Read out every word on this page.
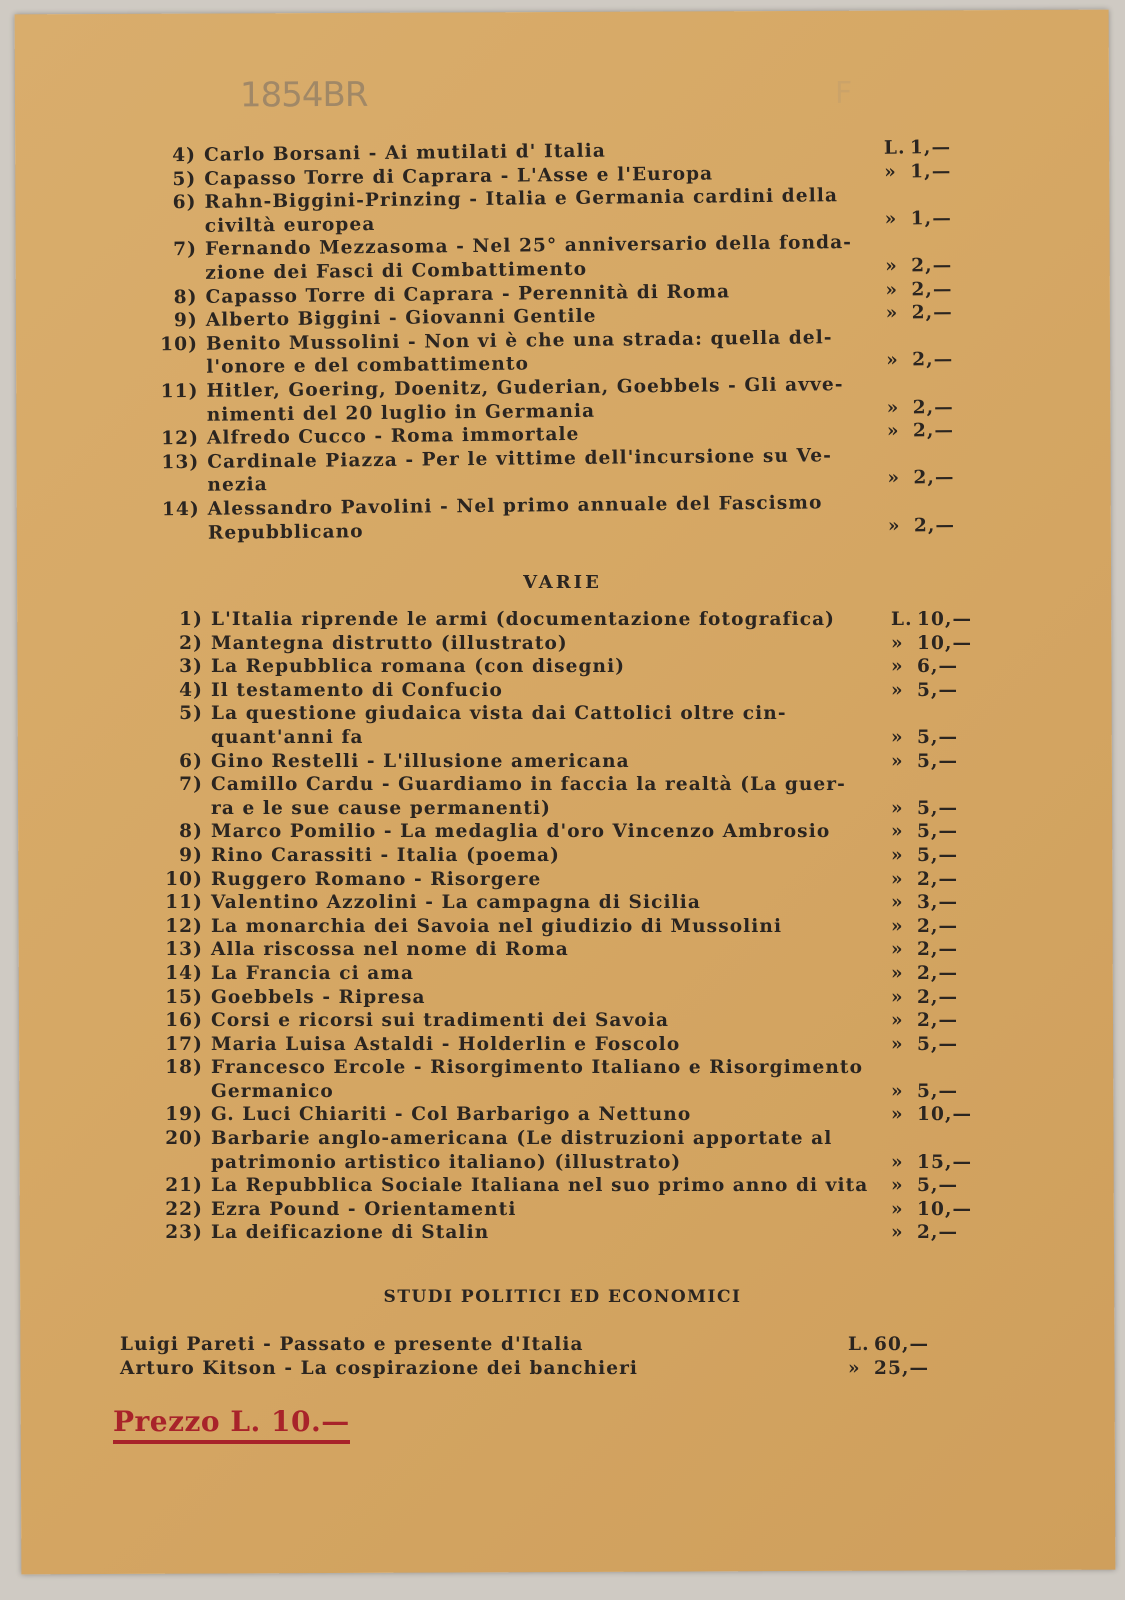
1854BR	F
4) Carlo Borsani - Ai mutilati d' Italia	L. 1,—
5) Capasso Torre di Caprara - L'Asse e l'Europa	» 1,—
6) Rahn-Biggini-Prinzing - Italia e Germania cardini della
civiltà europea	» 1,—
7) Fernando Mezzasoma - Nel 25° anniversario della fonda-
zione dei Fasci di Combattimento	» 2,—
8) Capasso Torre di Caprara - Perennità di Roma	» 2,—
9) Alberto Biggini - Giovanni Gentile	» 2,—
10) Benito Mussolini - Non vi è che una strada: quella del-
l'onore e del combattimento	» 2,—
11) Hitler, Goering, Doenitz, Guderian, Goebbels - Gli avve-
nimenti del 20 luglio in Germania	» 2,—
12) Alfredo Cucco - Roma immortale	» 2,—
13) Cardinale Piazza - Per le vittime dell'incursione su Ve-
nezia	» 2,—
14) Alessandro Pavolini - Nel primo annuale del Fascismo
Repubblicano	» 2,—
VARIE
1) L'Italia riprende le armi (documentazione fotografica)	L. 10,—
2) Mantegna distrutto (illustrato)	» 10,—
3) La Repubblica romana (con disegni)	» 6,—
4) Il testamento di Confucio	» 5,—
5) La questione giudaica vista dai Cattolici oltre cin-
quant'anni fa	» 5,—
6) Gino Restelli - L'illusione americana	» 5,—
7) Camillo Cardu - Guardiamo in faccia la realtà (La guer-
ra e le sue cause permanenti)	» 5,—
8) Marco Pomilio - La medaglia d'oro Vincenzo Ambrosio	» 5,—
9) Rino Carassiti - Italia (poema)	» 5,—
10) Ruggero Romano - Risorgere	» 2,—
11) Valentino Azzolini - La campagna di Sicilia	» 3,—
12) La monarchia dei Savoia nel giudizio di Mussolini	» 2,—
13) Alla riscossa nel nome di Roma	» 2,—
14) La Francia ci ama	» 2,—
15) Goebbels - Ripresa	» 2,—
16) Corsi e ricorsi sui tradimenti dei Savoia	» 2,—
17) Maria Luisa Astaldi - Holderlin e Foscolo	» 5,—
18) Francesco Ercole - Risorgimento Italiano e Risorgimento
Germanico	» 5,—
19) G. Luci Chiariti - Col Barbarigo a Nettuno	» 10,—
20) Barbarie anglo-americana (Le distruzioni apportate al
patrimonio artistico italiano) (illustrato)	» 15,—
21) La Repubblica Sociale Italiana nel suo primo anno di vita » 5,—
22) Ezra Pound - Orientamenti	» 10,—
23) La deificazione di Stalin	» 2,—
STUDI POLITICI ED ECONOMICI
Luigi Pareti - Passato e presente d'Italia	L. 60,—
Arturo Kitson - La cospirazione dei banchieri	» 25,—
Prezzo L. 10.—
